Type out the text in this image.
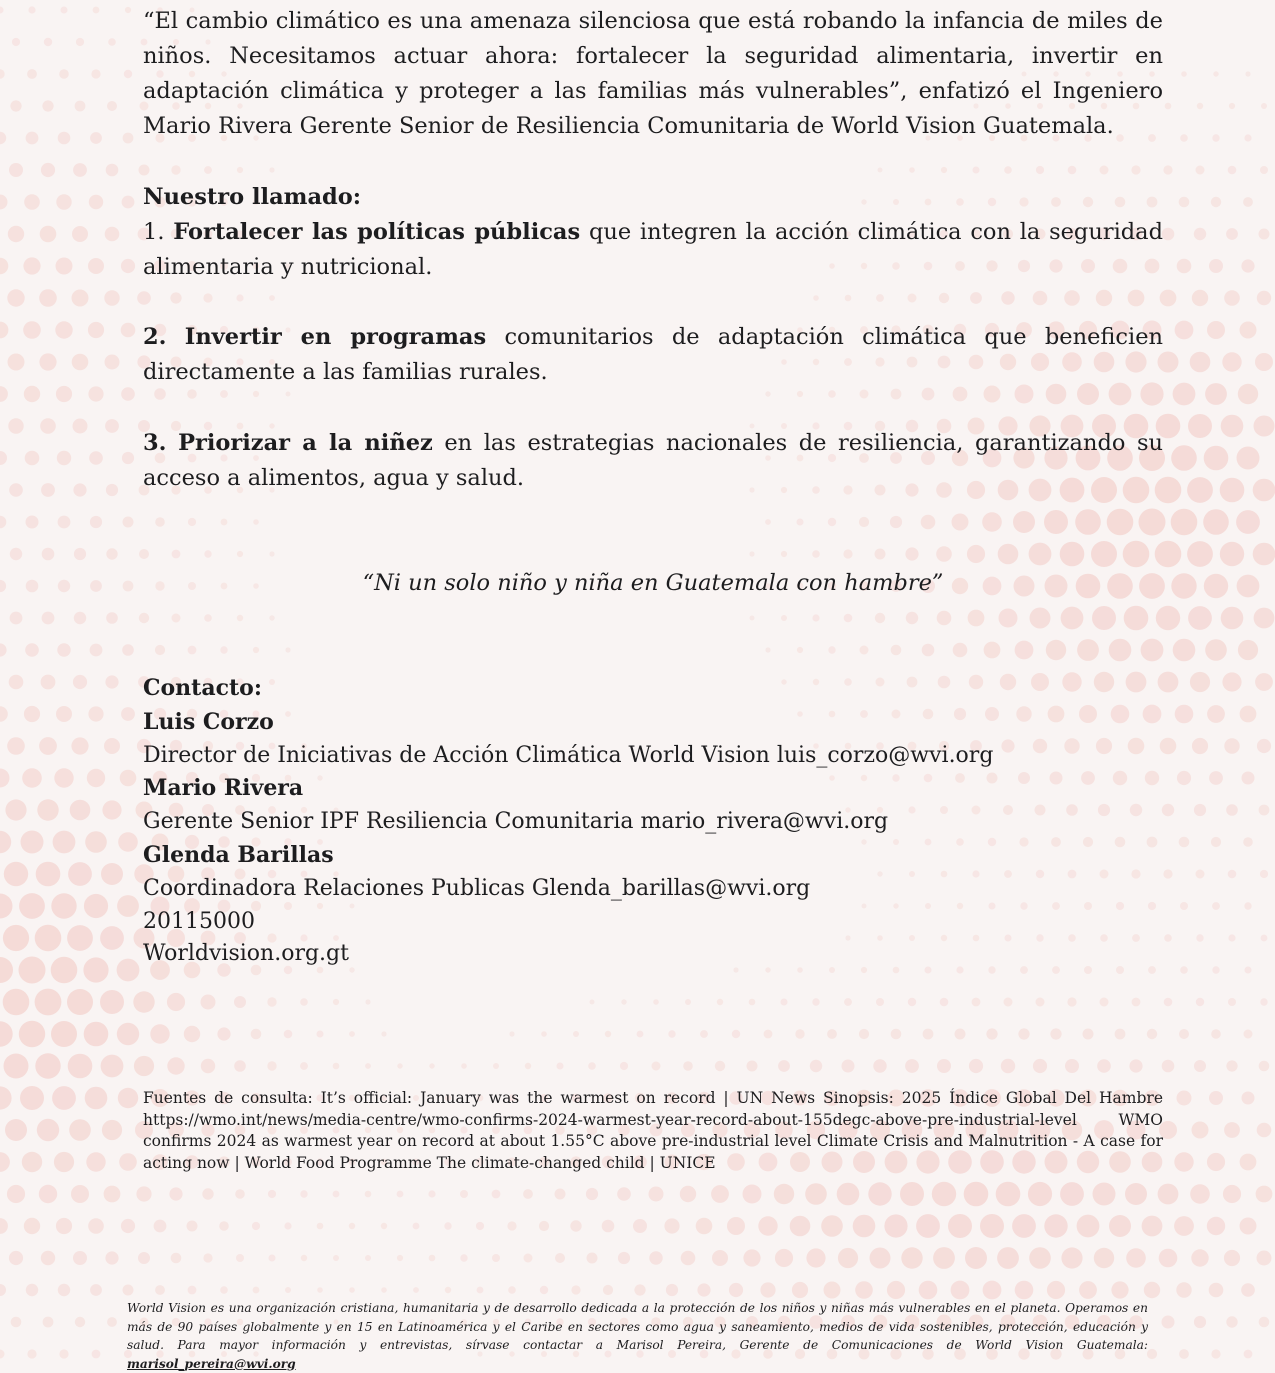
“El cambio climático es una amenaza silenciosa que está robando la infancia de miles de niños. Necesitamos actuar ahora: fortalecer la seguridad alimentaria, invertir en adaptación climática y proteger a las familias más vulnerables”, enfatizó el Ingeniero Mario Rivera Gerente Senior de Resiliencia Comunitaria de World Vision Guatemala.

Nuestro llamado:

1. Fortalecer las políticas públicas que integren la acción climática con la seguridad alimentaria y nutricional.

2. Invertir en programas comunitarios de adaptación climática que beneficien directamente a las familias rurales.

3. Priorizar a la niñez en las estrategias nacionales de resiliencia, garantizando su acceso a alimentos, agua y salud.

“Ni un solo niño y niña en Guatemala con hambre”

Contacto:
Luis Corzo
Director de Iniciativas de Acción Climática World Vision luis_corzo@wvi.org
Mario Rivera
Gerente Senior IPF Resiliencia Comunitaria mario_rivera@wvi.org
Glenda Barillas
Coordinadora Relaciones Publicas Glenda_barillas@wvi.org
20115000
Worldvision.org.gt

Fuentes de consulta: It’s official: January was the warmest on record | UN News Sinopsis: 2025 Índice Global Del Hambre https://wmo.int/news/media-centre/wmo-confirms-2024-warmest-year-record-about-155degc-above-pre-industrial-level WMO confirms 2024 as warmest year on record at about 1.55°C above pre-industrial level Climate Crisis and Malnutrition - A case for acting now | World Food Programme The climate-changed child | UNICE

World Vision es una organización cristiana, humanitaria y de desarrollo dedicada a la protección de los niños y niñas más vulnerables en el planeta. Operamos en más de 90 países globalmente y en 15 en Latinoamérica y el Caribe en sectores como agua y saneamiento, medios de vida sostenibles, protección, educación y salud. Para mayor información y entrevistas, sírvase contactar a Marisol Pereira, Gerente de Comunicaciones de World Vision Guatemala: marisol_pereira@wvi.org
